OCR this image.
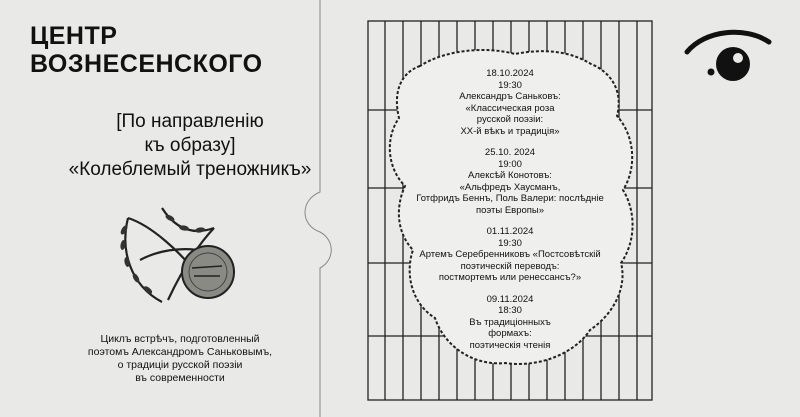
ЦЕНТР
ВОЗНЕСЕНСКОГО
[По направленiю
къ образу]
«Колеблемый треножникъ»
Циклъ встрѣчъ, подготовленный
поэтомъ Александромъ Саньковымъ,
о традицiи русской поэзiи
въ современности
18.10.2024
19:30
Александръ Саньковъ:
«Классическая роза
русской поэзiи:
ХХ-й вѣкъ и традицiя»
25.10. 2024
19:00
Алексѣй Конотовъ:
«Альфредъ Хаусманъ,
Готфридъ Беннъ, Поль Валери: послѣднiе
поэты Европы»
01.11.2024
19:30
Артемъ Серебренниковъ «Постсовѣтскiй
поэтическiй переводъ:
постмортемъ или ренессансъ?»
09.11.2024
18:30
Въ традицiонныхъ
формахъ:
поэтическiя чтенiя
